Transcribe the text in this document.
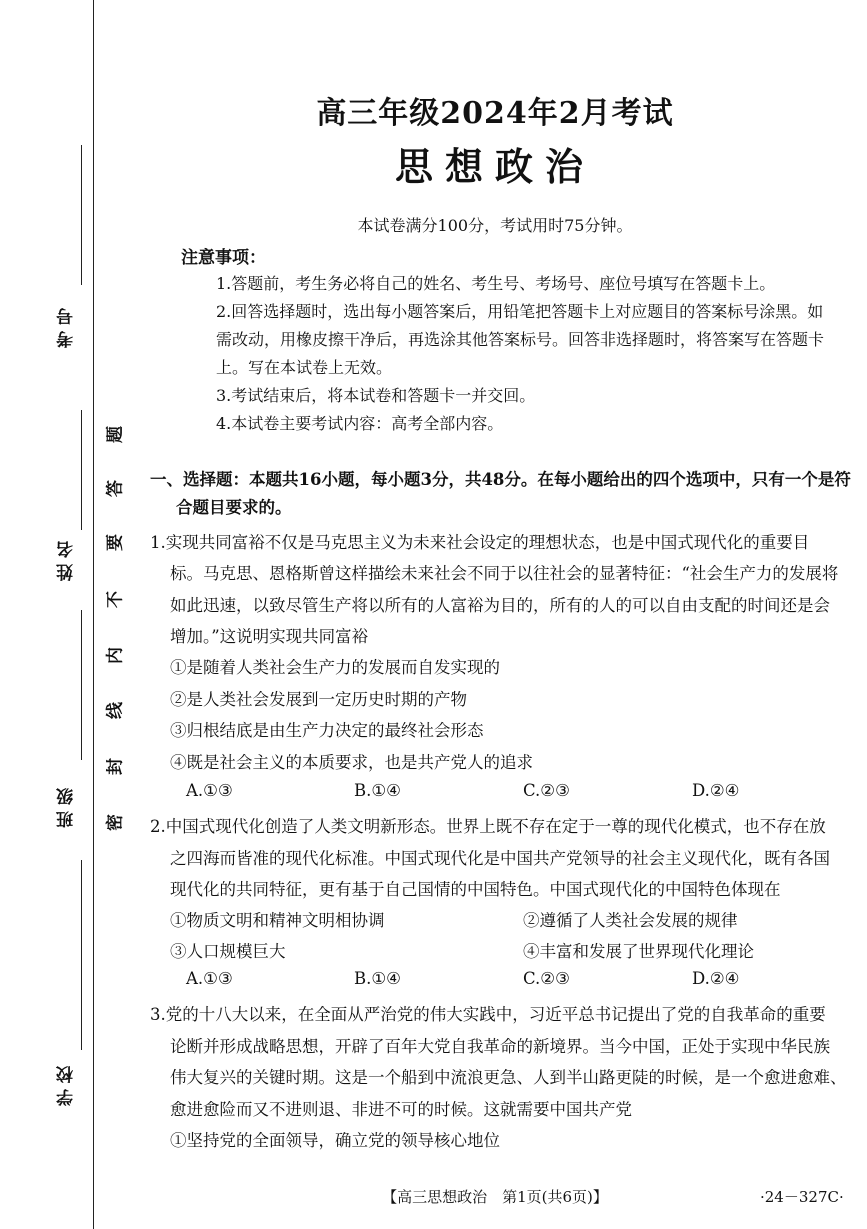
考号
姓名
班级
学校
题
答
要
不
内
线
封
密
高三年级2024年2月考试
思想政治
本试卷满分100分，考试用时75分钟。
注意事项：
1.答题前，考生务必将自己的姓名、考生号、考场号、座位号填写在答题卡上。
2.回答选择题时，选出每小题答案后，用铅笔把答题卡上对应题目的答案标号涂黑。如需改动，用橡皮擦干净后，再选涂其他答案标号。回答非选择题时，将答案写在答题卡上。写在本试卷上无效。
3.考试结束后，将本试卷和答题卡一并交回。
4.本试卷主要考试内容：高考全部内容。
一、选择题：本题共16小题，每小题3分，共48分。在每小题给出的四个选项中，只有一个是符
合题目要求的。
1.实现共同富裕不仅是马克思主义为未来社会设定的理想状态，也是中国式现代化的重要目
标。马克思、恩格斯曾这样描绘未来社会不同于以往社会的显著特征：“社会生产力的发展将
如此迅速，以致尽管生产将以所有的人富裕为目的，所有的人的可以自由支配的时间还是会
增加。”这说明实现共同富裕
①是随着人类社会生产力的发展而自发实现的
②是人类社会发展到一定历史时期的产物
③归根结底是由生产力决定的最终社会形态
④既是社会主义的本质要求，也是共产党人的追求
A.①③	B.①④	C.②③	D.②④
2.中国式现代化创造了人类文明新形态。世界上既不存在定于一尊的现代化模式，也不存在放
之四海而皆准的现代化标准。中国式现代化是中国共产党领导的社会主义现代化，既有各国
现代化的共同特征，更有基于自己国情的中国特色。中国式现代化的中国特色体现在
①物质文明和精神文明相协调	②遵循了人类社会发展的规律
③人口规模巨大	④丰富和发展了世界现代化理论
A.①③	B.①④	C.②③	D.②④
3.党的十八大以来，在全面从严治党的伟大实践中，习近平总书记提出了党的自我革命的重要
论断并形成战略思想，开辟了百年大党自我革命的新境界。当今中国，正处于实现中华民族
伟大复兴的关键时期。这是一个船到中流浪更急、人到半山路更陡的时候，是一个愈进愈难、
愈进愈险而又不进则退、非进不可的时候。这就需要中国共产党
①坚持党的全面领导，确立党的领导核心地位
【高三思想政治　第1页(共6页)】	·24－327C·
